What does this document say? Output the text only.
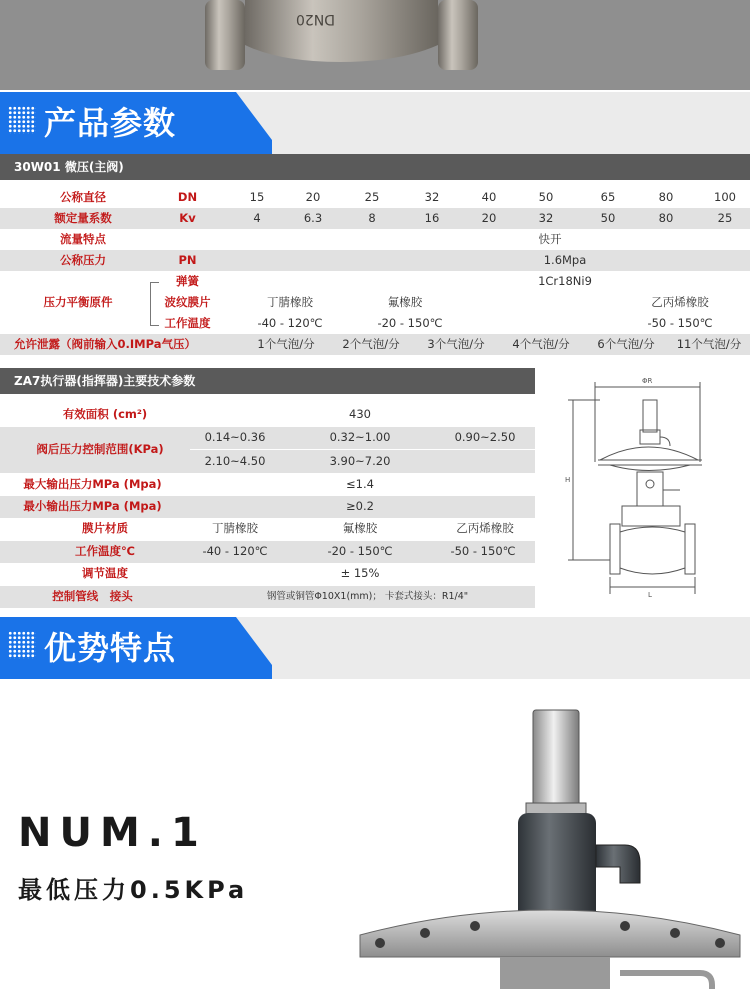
DN20
产品参数
30W01 微压(主阀)
公称直径	DN	15	20	25	32	40	50	65	80	100
额定量系数	Kv	4	6.3	8	16	20	32	50	80	25
流量特点	快开
公称压力	PN	1.6Mpa
压力平衡原件
弹簧	1Cr18Ni9
波纹膜片	丁腈橡胶	氟橡胶	乙丙烯橡胶
工作温度	-40 - 120℃	-20 - 150℃	-50 - 150℃
允许泄露（阀前输入0.IMPa气压）	1个气泡/分	2个气泡/分	3个气泡/分	4个气泡/分	6个气泡/分	11个气泡/分
ZA7执行器(指挥器)主要技术参数
有效面积 (cm²)	430
阀后压力控制范围(KPa)
0.14~0.36	0.32~1.00	0.90~2.50
2.10~4.50	3.90~7.20
最大输出压力MPa (Mpa)	≤1.4
最小输出压力MPa (Mpa)	≥0.2
膜片材质	丁腈橡胶	氟橡胶	乙丙烯橡胶
工作温度℃	-40 - 120℃	-20 - 150℃	-50 - 150℃
调节温度	± 15%
控制管线　接头	钢管或铜管Φ10X1(mm)； 卡套式接头：R1/4"
ΦR
H
L
优势特点
NUM.1
最低压力0.5KPa
